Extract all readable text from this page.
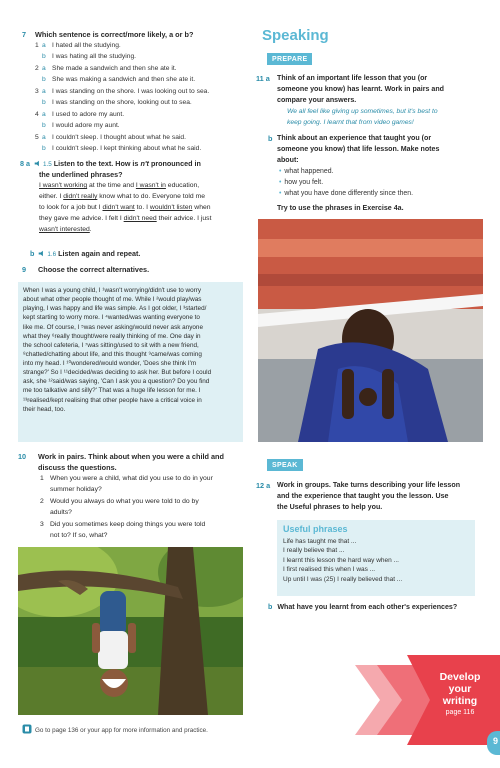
7 Which sentence is correct/more likely, a or b?
1 a I hated all the studying.
b I was hating all the studying.
2 a She made a sandwich and then she ate it.
b She was making a sandwich and then she ate it.
3 a I was standing on the shore. I was looking out to sea.
b I was standing on the shore, looking out to sea.
4 a I used to adore my aunt.
b I would adore my aunt.
5 a I couldn't sleep. I thought about what he said.
b I couldn't sleep. I kept thinking about what he said.
8 a 1.5 Listen to the text. How is n't pronounced in
the underlined phrases?
I wasn't working at the time and I wasn't in education,
either. I didn't really know what to do. Everyone told me
to look for a job but I didn't want to. I wouldn't listen when
they gave me advice. I felt I didn't need their advice. I just
wasn't interested.
b 1.6 Listen again and repeat.
9 Choose the correct alternatives.
When I was a young child, I ¹wasn't worrying/didn't use to worry
about what other people thought of me. While I ²would play/was
playing, I was happy and life was simple. As I got older, I ³started/
kept starting to worry more. I ⁴wanted/was wanting everyone to
like me. Of course, I ⁵was never asking/would never ask anyone
what they ⁶really thought/were really thinking of me. One day in
the school cafeteria, I ⁷was sitting/used to sit with a new friend,
⁸chatted/chatting about life, and this thought ⁹came/was coming
into my head. I ¹⁰wondered/would wonder, 'Does she think I'm
strange?' So I ¹¹decided/was deciding to ask her. But before I could
ask, she ¹²said/was saying, 'Can I ask you a question? Do you find
me too talkative and silly?' That was a huge life lesson for me. I
¹³realised/kept realising that other people have a critical voice in
their head, too.
10 Work in pairs. Think about when you were a child and
discuss the questions.
1 When you were a child, what did you use to do in your
summer holiday?
2 Would you always do what you were told to do by
adults?
3 Did you sometimes keep doing things you were told
not to? If so, what?
Go to page 136 or your app for more information and practice.
Speaking
PREPARE
11 a Think of an important life lesson that you (or
someone you know) has learnt. Work in pairs and
compare your answers.
We all feel like giving up sometimes, but it's best to
keep going. I learnt that from video games!
b Think about an experience that taught you (or
someone you know) that life lesson. Make notes
about:
• what happened.
• how you felt.
• what you have done differently since then.
Try to use the phrases in Exercise 4a.
SPEAK
12 a Work in groups. Take turns describing your life lesson
and the experience that taught you the lesson. Use
the Useful phrases to help you.
Useful phrases
Life has taught me that ...
I really believe that ...
I learnt this lesson the hard way when ...
I first realised this when I was ...
Up until I was (25) I really believed that ...
b What have you learnt from each other's experiences?
Develop
your
writing
page 116
9
